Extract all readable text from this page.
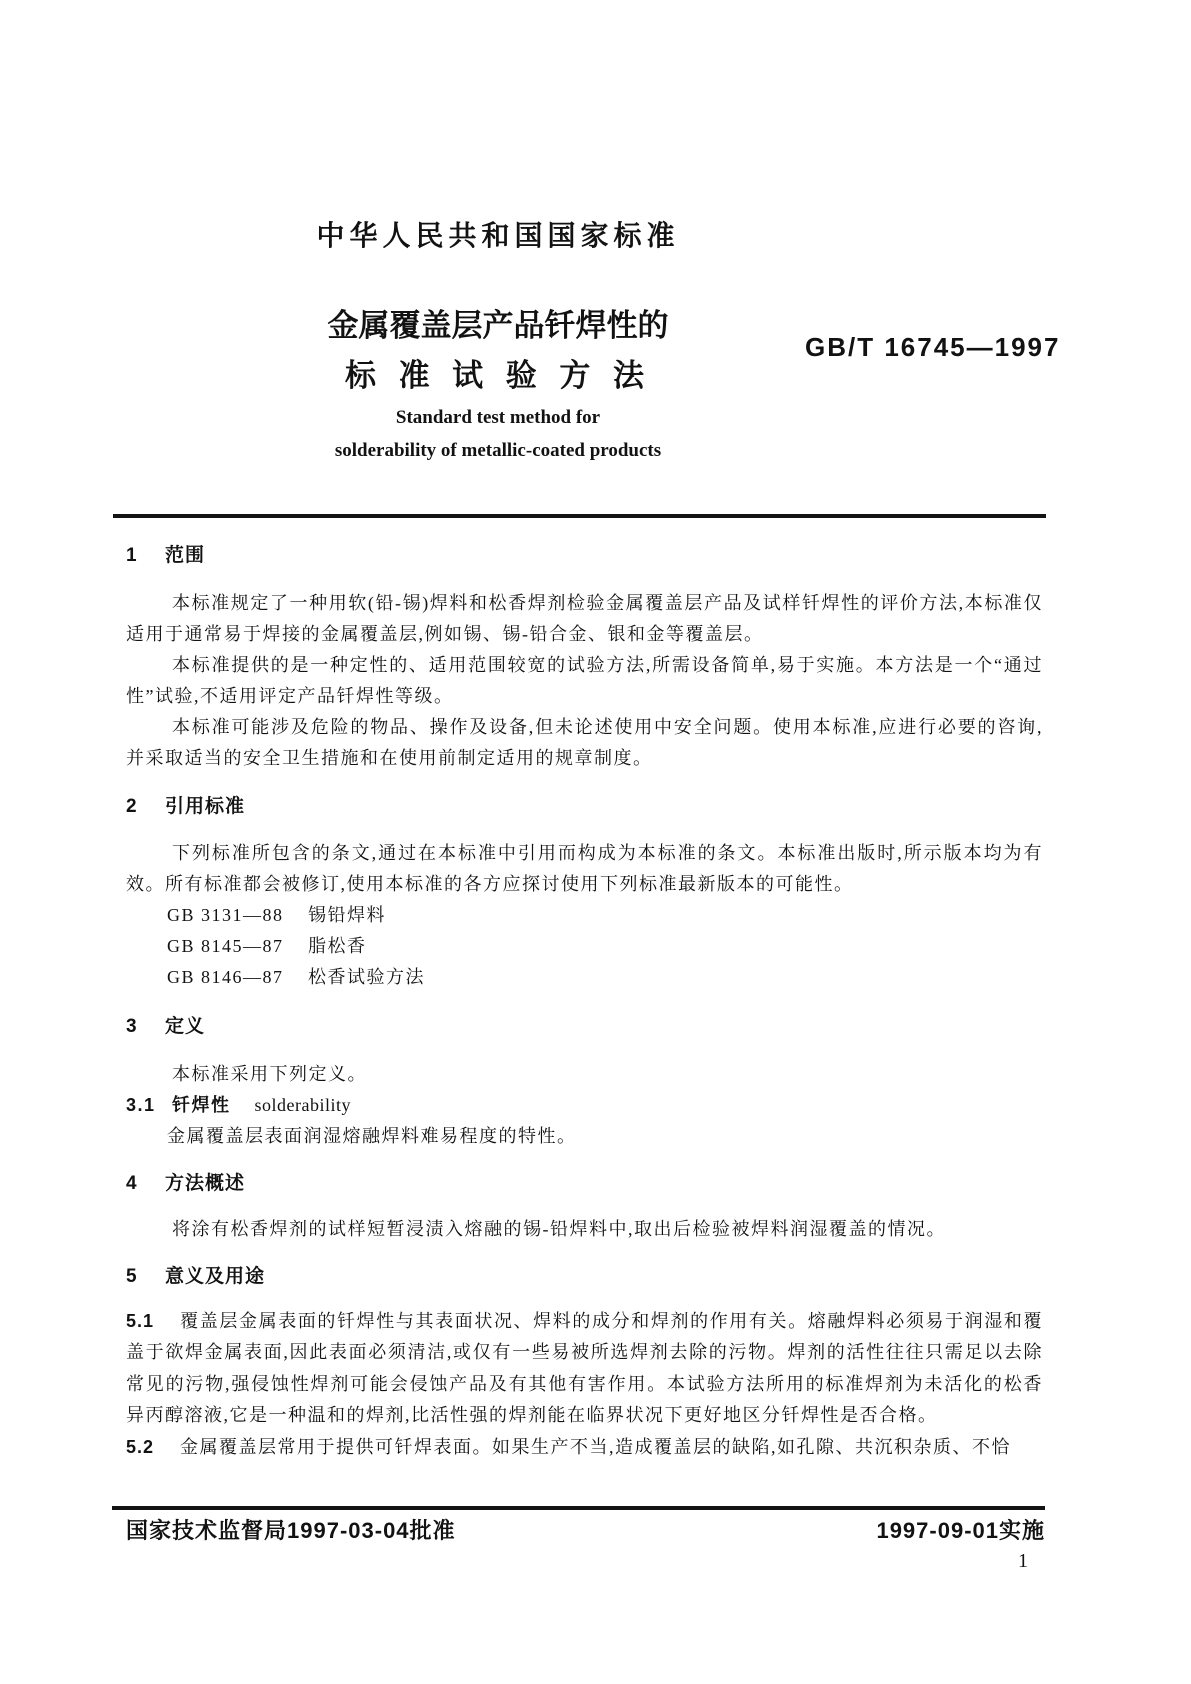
中华人民共和国国家标准
金属覆盖层产品钎焊性的
标 准 试 验 方 法
GB/T 16745—1997
Standard test method for
solderability of metallic-coated products
1 范围

本标准规定了一种用软(铅-锡)焊料和松香焊剂检验金属覆盖层产品及试样钎焊性的评价方法,本标准仅适用于通常易于焊接的金属覆盖层,例如锡、锡-铅合金、银和金等覆盖层。

本标准提供的是一种定性的、适用范围较宽的试验方法,所需设备简单,易于实施。本方法是一个“通过性”试验,不适用评定产品钎焊性等级。

本标准可能涉及危险的物品、操作及设备,但未论述使用中安全问题。使用本标准,应进行必要的咨询,并采取适当的安全卫生措施和在使用前制定适用的规章制度。

2 引用标准

下列标准所包含的条文,通过在本标准中引用而构成为本标准的条文。本标准出版时,所示版本均为有效。所有标准都会被修订,使用本标准的各方应探讨使用下列标准最新版本的可能性。

GB 3131—88 锡铅焊料
GB 8145—87 脂松香
GB 8146—87 松香试验方法
3 定义
本标准采用下列定义。
3.1 钎焊性 solderability
金属覆盖层表面润湿熔融焊料难易程度的特性。
4 方法概述

将涂有松香焊剂的试样短暂浸渍入熔融的锡-铅焊料中,取出后检验被焊料润湿覆盖的情况。

5 意义及用途
5.1 覆盖层金属表面的钎焊性与其表面状况、焊料的成分和焊剂的作用有关。熔融焊料必须易于润湿和覆盖于欲焊金属表面,因此表面必须清洁,或仅有一些易被所选焊剂去除的污物。焊剂的活性往往只需足以去除常见的污物,强侵蚀性焊剂可能会侵蚀产品及有其他有害作用。本试验方法所用的标准焊剂为未活化的松香异丙醇溶液,它是一种温和的焊剂,比活性强的焊剂能在临界状况下更好地区分钎焊性是否合格。
5.2 金属覆盖层常用于提供可钎焊表面。如果生产不当,造成覆盖层的缺陷,如孔隙、共沉积杂质、不恰
国家技术监督局1997-03-04批准	1997-09-01实施
1
